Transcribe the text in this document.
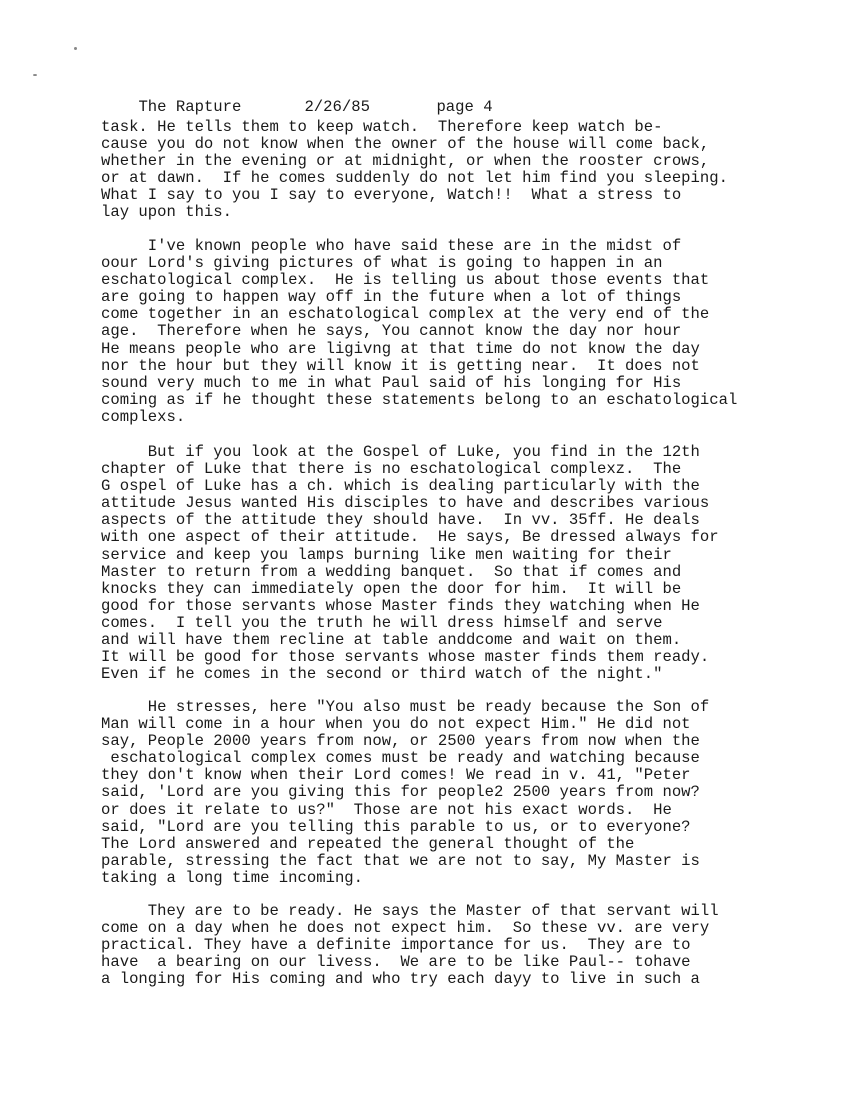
The Rapture	2/26/85	page 4

task. He tells them to keep watch.  Therefore keep watch be-
cause you do not know when the owner of the house will come back,
whether in the evening or at midnight, or when the rooster crows,
or at dawn.  If he comes suddenly do not let him find you sleeping.
What I say to you I say to everyone, Watch!!  What a stress to
lay upon this.
I've known people who have said these are in the midst of
oour Lord's giving pictures of what is going to happen in an
eschatological complex.  He is telling us about those events that
are going to happen way off in the future when a lot of things
come together in an eschatological complex at the very end of the
age.  Therefore when he says, You cannot know the day nor hour
He means people who are ligivng at that time do not know the day
nor the hour but they will know it is getting near.  It does not
sound very much to me in what Paul said of his longing for His
coming as if he thought these statements belong to an eschatological
complexs.
But if you look at the Gospel of Luke, you find in the 12th
chapter of Luke that there is no eschatological complexz.  The
G ospel of Luke has a ch. which is dealing particularly with the
attitude Jesus wanted His disciples to have and describes various
aspects of the attitude they should have.  In vv. 35ff. He deals
with one aspect of their attitude.  He says, Be dressed always for
service and keep you lamps burning like men waiting for their
Master to return from a wedding banquet.  So that if comes and
knocks they can immediately open the door for him.  It will be
good for those servants whose Master finds they watching when He
comes.  I tell you the truth he will dress himself and serve
and will have them recline at table anddcome and wait on them.
It will be good for those servants whose master finds them ready.
Even if he comes in the second or third watch of the night."
He stresses, here "You also must be ready because the Son of
Man will come in a hour when you do not expect Him." He did not
say, People 2000 years from now, or 2500 years from now when the
eschatological complex comes must be ready and watching because
they don't know when their Lord comes! We read in v. 41, "Peter
said, 'Lord are you giving this for people2 2500 years from now?
or does it relate to us?"  Those are not his exact words.  He
said, "Lord are you telling this parable to us, or to everyone?
The Lord answered and repeated the general thought of the
parable, stressing the fact that we are not to say, My Master is
taking a long time incoming.
They are to be ready. He says the Master of that servant will
come on a day when he does not expect him.  So these vv. are very
practical. They have a definite importance for us.  They are to
have  a bearing on our livess.  We are to be like Paul-- tohave
a longing for His coming and who try each dayy to live in such a
